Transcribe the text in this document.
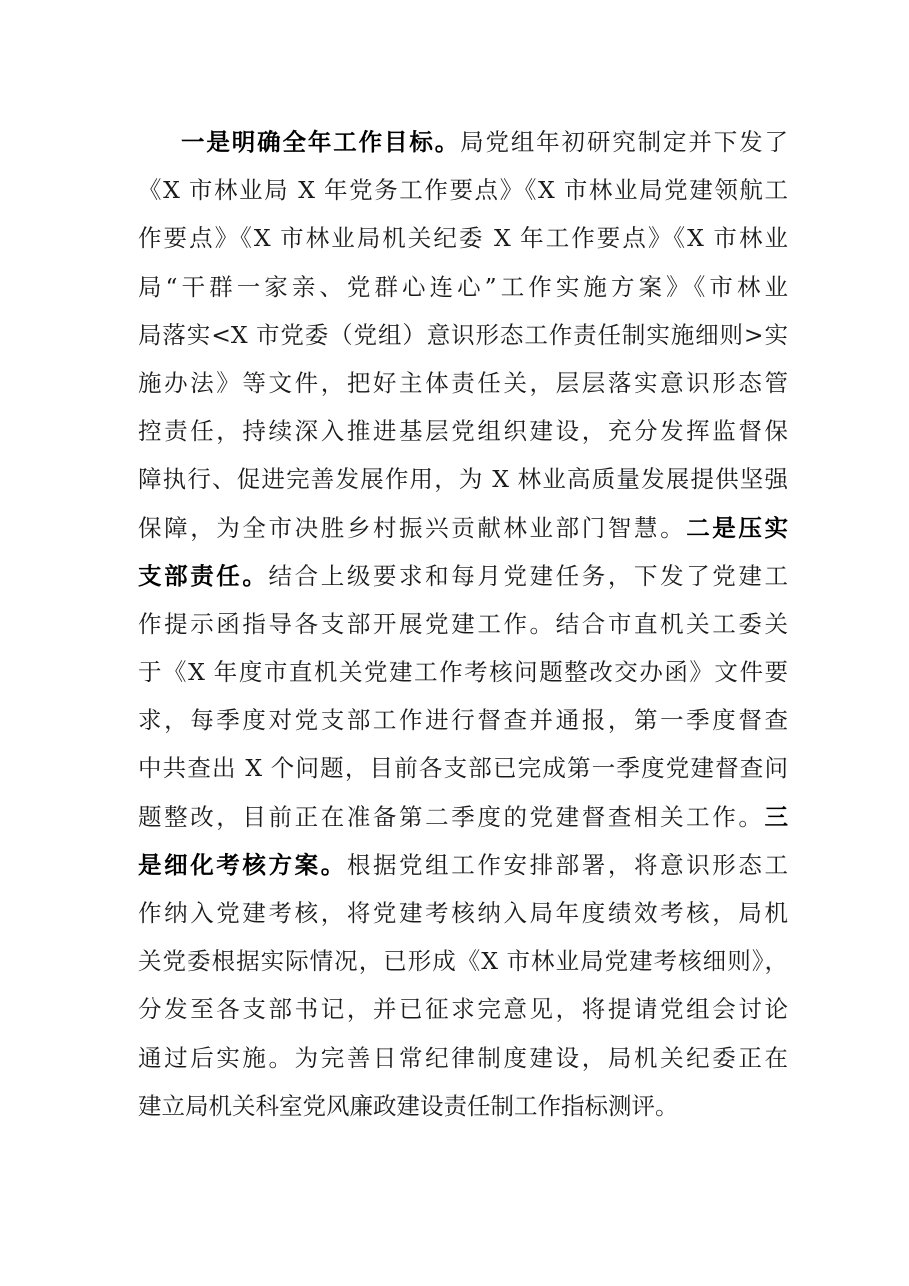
一是明确全年工作目标。局党组年初研究制定并下发了
《X 市林业局 X 年党务工作要点》《X 市林业局党建领航工
作要点》《X 市林业局机关纪委 X 年工作要点》《X 市林业
局“干群一家亲、党群心连心”工作实施方案》《市林业
局落实<X 市党委（党组）意识形态工作责任制实施细则>实
施办法》等文件，把好主体责任关，层层落实意识形态管
控责任，持续深入推进基层党组织建设，充分发挥监督保
障执行、促进完善发展作用，为 X 林业高质量发展提供坚强
保障，为全市决胜乡村振兴贡献林业部门智慧。二是压实
支部责任。结合上级要求和每月党建任务，下发了党建工
作提示函指导各支部开展党建工作。结合市直机关工委关
于《X 年度市直机关党建工作考核问题整改交办函》文件要
求，每季度对党支部工作进行督查并通报，第一季度督查
中共查出 X 个问题，目前各支部已完成第一季度党建督查问
题整改，目前正在准备第二季度的党建督查相关工作。三
是细化考核方案。根据党组工作安排部署，将意识形态工
作纳入党建考核，将党建考核纳入局年度绩效考核，局机
关党委根据实际情况，已形成《X 市林业局党建考核细则》，
分发至各支部书记，并已征求完意见，将提请党组会讨论
通过后实施。为完善日常纪律制度建设，局机关纪委正在
建立局机关科室党风廉政建设责任制工作指标测评。
